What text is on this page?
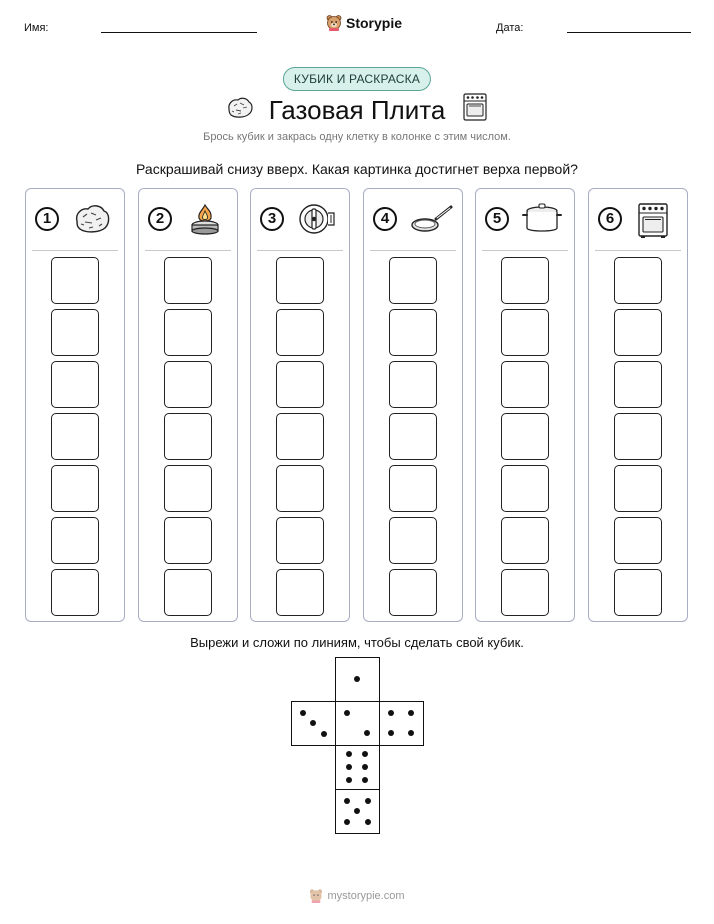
Имя:	Storypie	Дата:
КУБИК И РАСКРАСКА
Газовая Плита
Брось кубик и закрась одну клетку в колонке с этим числом.
Раскрашивай снизу вверх. Какая картинка достигнет верха первой?
1	2	3	4	5	6
Вырежи и сложи по линиям, чтобы сделать свой кубик.
mystorypie.com
